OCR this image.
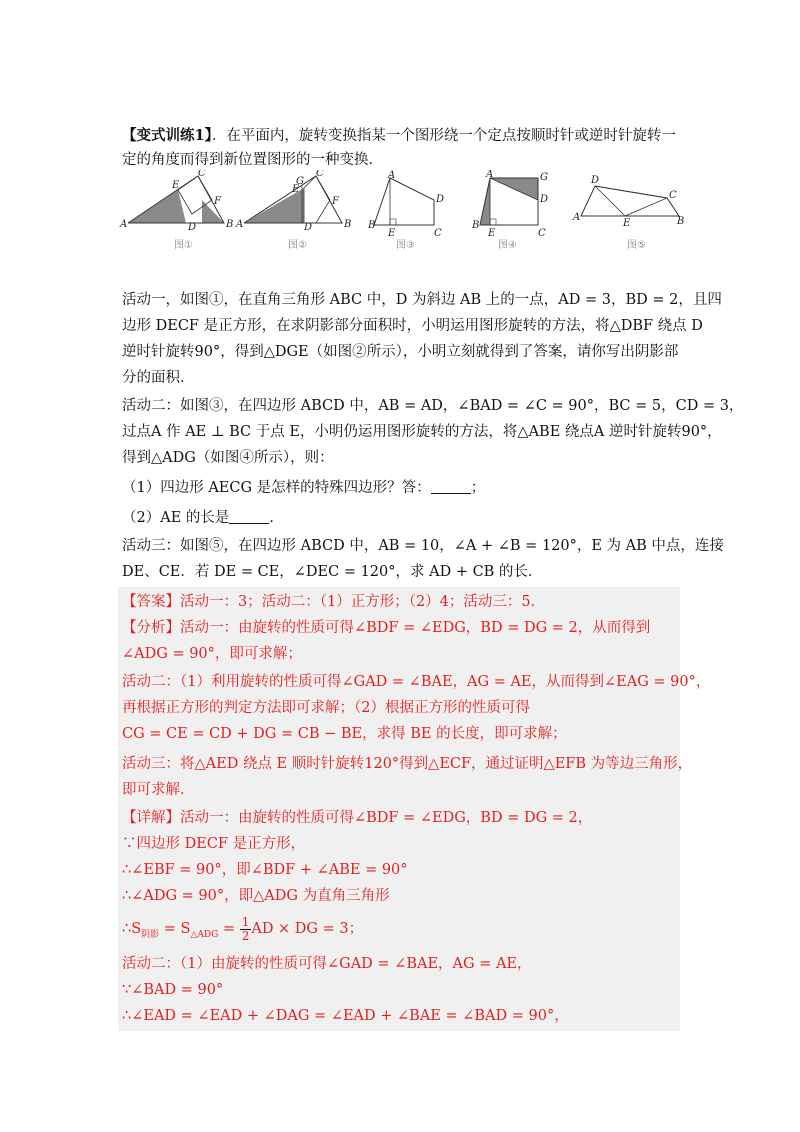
【变式训练1】．在平面内，旋转变换指某一个图形绕一个定点按顺时针或逆时针旋转一
定的角度而得到新位置图形的一种变换．
A
E
C
F
D	B
图①
A
G
E
C
F
D	B
图②
A
D
B
E	C
图③
A	G
D
B
E	C
图④
D
C
A
E	B
图⑤
活动一，如图①，在直角三角形 ABC 中，D 为斜边 AB 上的一点，AD = 3，BD = 2，且四
边形 DECF 是正方形，在求阴影部分面积时，小明运用图形旋转的方法，将△DBF 绕点 D
逆时针旋转90°，得到△DGE（如图②所示），小明立刻就得到了答案，请你写出阴影部
分的面积．
活动二：如图③，在四边形 ABCD 中，AB = AD，∠BAD = ∠C = 90°，BC = 5，CD = 3，
过点A 作 AE ⊥ BC 于点 E，小明仍运用图形旋转的方法，将△ABE 绕点A 逆时针旋转90°，
得到△ADG（如图④所示），则：
（1）四边形 AECG 是怎样的特殊四边形？答：	；
（2）AE 的长是	．
活动三：如图⑤，在四边形 ABCD 中，AB = 10，∠A + ∠B = 120°，E 为 AB 中点，连接
DE、CE．若 DE = CE，∠DEC = 120°，求 AD + CB 的长．
【答案】活动一：3；活动二：（1）正方形；（2）4；活动三：5．
【分析】活动一：由旋转的性质可得∠BDF = ∠EDG，BD = DG = 2，从而得到
∠ADG = 90°，即可求解；
活动二：（1）利用旋转的性质可得∠GAD = ∠BAE，AG = AE，从而得到∠EAG = 90°，
再根据正方形的判定方法即可求解；（2）根据正方形的性质可得
CG = CE = CD + DG = CB − BE，求得 BE 的长度，即可求解；
活动三：将△AED 绕点 E 顺时针旋转120°得到△ECF，通过证明△EFB 为等边三角形，
即可求解．
【详解】活动一：由旋转的性质可得∠BDF = ∠EDG，BD = DG = 2，
∵四边形 DECF 是正方形，
∴∠EBF = 90°，即∠BDF + ∠ABE = 90°
∴∠ADG = 90°，即△ADG 为直角三角形
$\therefore S_{阴影} = S_{\triangle ADG} = \frac{1}{2}$ AD × DG = 3；
活动二：（1）由旋转的性质可得∠GAD = ∠BAE，AG = AE，
∵∠BAD = 90°
∴∠EAD = ∠EAD + ∠DAG = ∠EAD + ∠BAE = ∠BAD = 90°，
